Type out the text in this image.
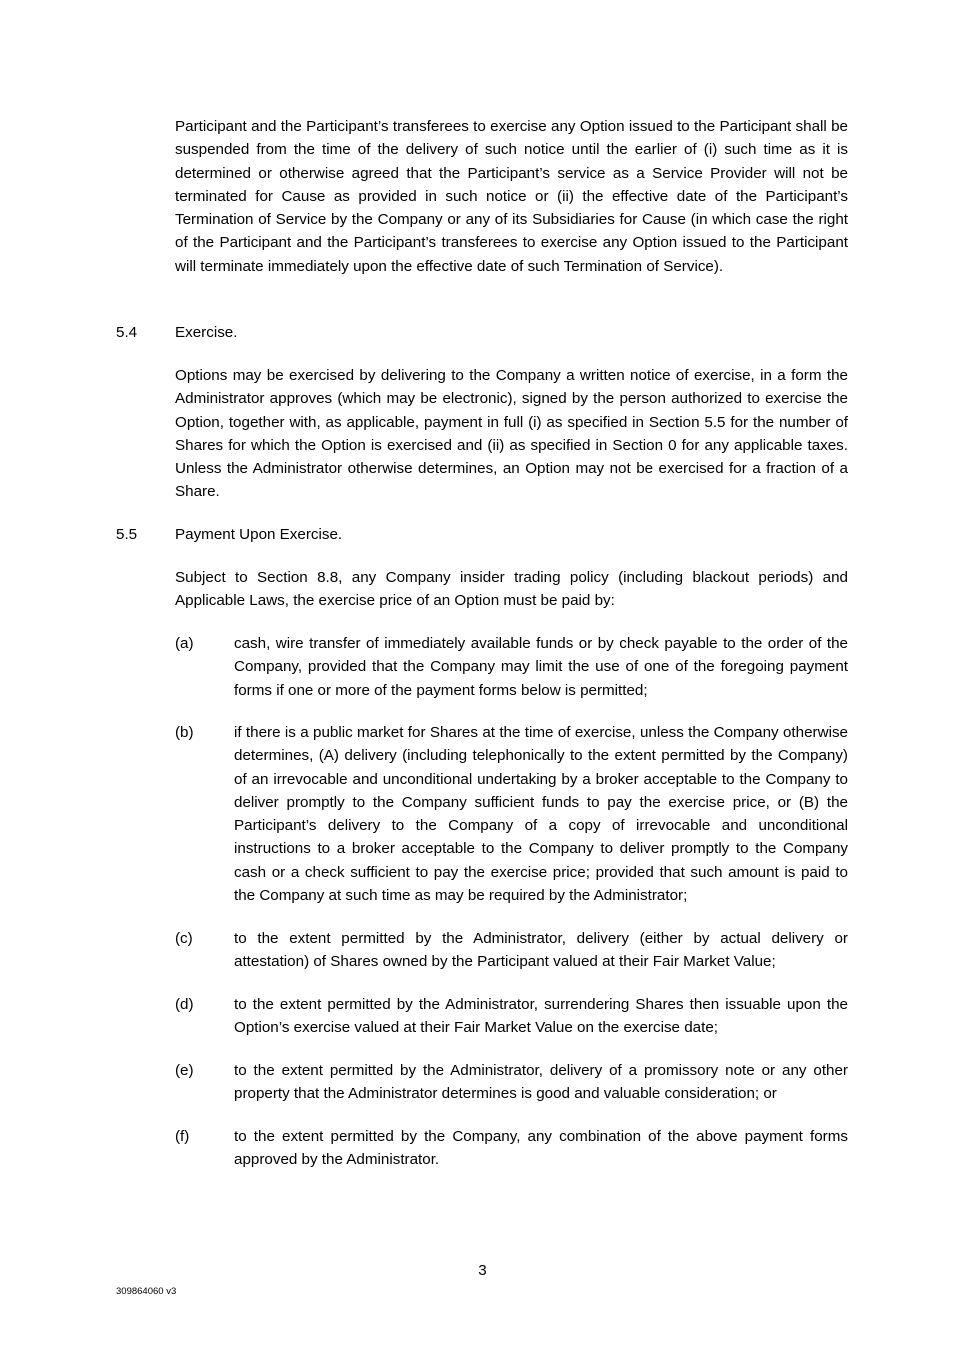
Participant and the Participant’s transferees to exercise any Option issued to the Participant shall be suspended from the time of the delivery of such notice until the earlier of (i) such time as it is determined or otherwise agreed that the Participant’s service as a Service Provider will not be terminated for Cause as provided in such notice or (ii) the effective date of the Participant’s Termination of Service by the Company or any of its Subsidiaries for Cause (in which case the right of the Participant and the Participant’s transferees to exercise any Option issued to the Participant will terminate immediately upon the effective date of such Termination of Service).

5.4 Exercise.

Options may be exercised by delivering to the Company a written notice of exercise, in a form the Administrator approves (which may be electronic), signed by the person authorized to exercise the Option, together with, as applicable, payment in full (i) as specified in Section 5.5 for the number of Shares for which the Option is exercised and (ii) as specified in Section 0 for any applicable taxes. Unless the Administrator otherwise determines, an Option may not be exercised for a fraction of a Share.

5.5 Payment Upon Exercise.

Subject to Section 8.8, any Company insider trading policy (including blackout periods) and Applicable Laws, the exercise price of an Option must be paid by:

(a)	cash, wire transfer of immediately available funds or by check payable to the order of the Company, provided that the Company may limit the use of one of the foregoing payment forms if one or more of the payment forms below is permitted;
(b)	if there is a public market for Shares at the time of exercise, unless the Company otherwise determines, (A) delivery (including telephonically to the extent permitted by the Company) of an irrevocable and unconditional undertaking by a broker acceptable to the Company to deliver promptly to the Company sufficient funds to pay the exercise price, or (B) the Participant’s delivery to the Company of a copy of irrevocable and unconditional instructions to a broker acceptable to the Company to deliver promptly to the Company cash or a check sufficient to pay the exercise price; provided that such amount is paid to the Company at such time as may be required by the Administrator;
(c)	to the extent permitted by the Administrator, delivery (either by actual delivery or attestation) of Shares owned by the Participant valued at their Fair Market Value;
(d)	to the extent permitted by the Administrator, surrendering Shares then issuable upon the Option’s exercise valued at their Fair Market Value on the exercise date;
(e)	to the extent permitted by the Administrator, delivery of a promissory note or any other property that the Administrator determines is good and valuable consideration; or
(f)	to the extent permitted by the Company, any combination of the above payment forms approved by the Administrator.
3
309864060 v3
